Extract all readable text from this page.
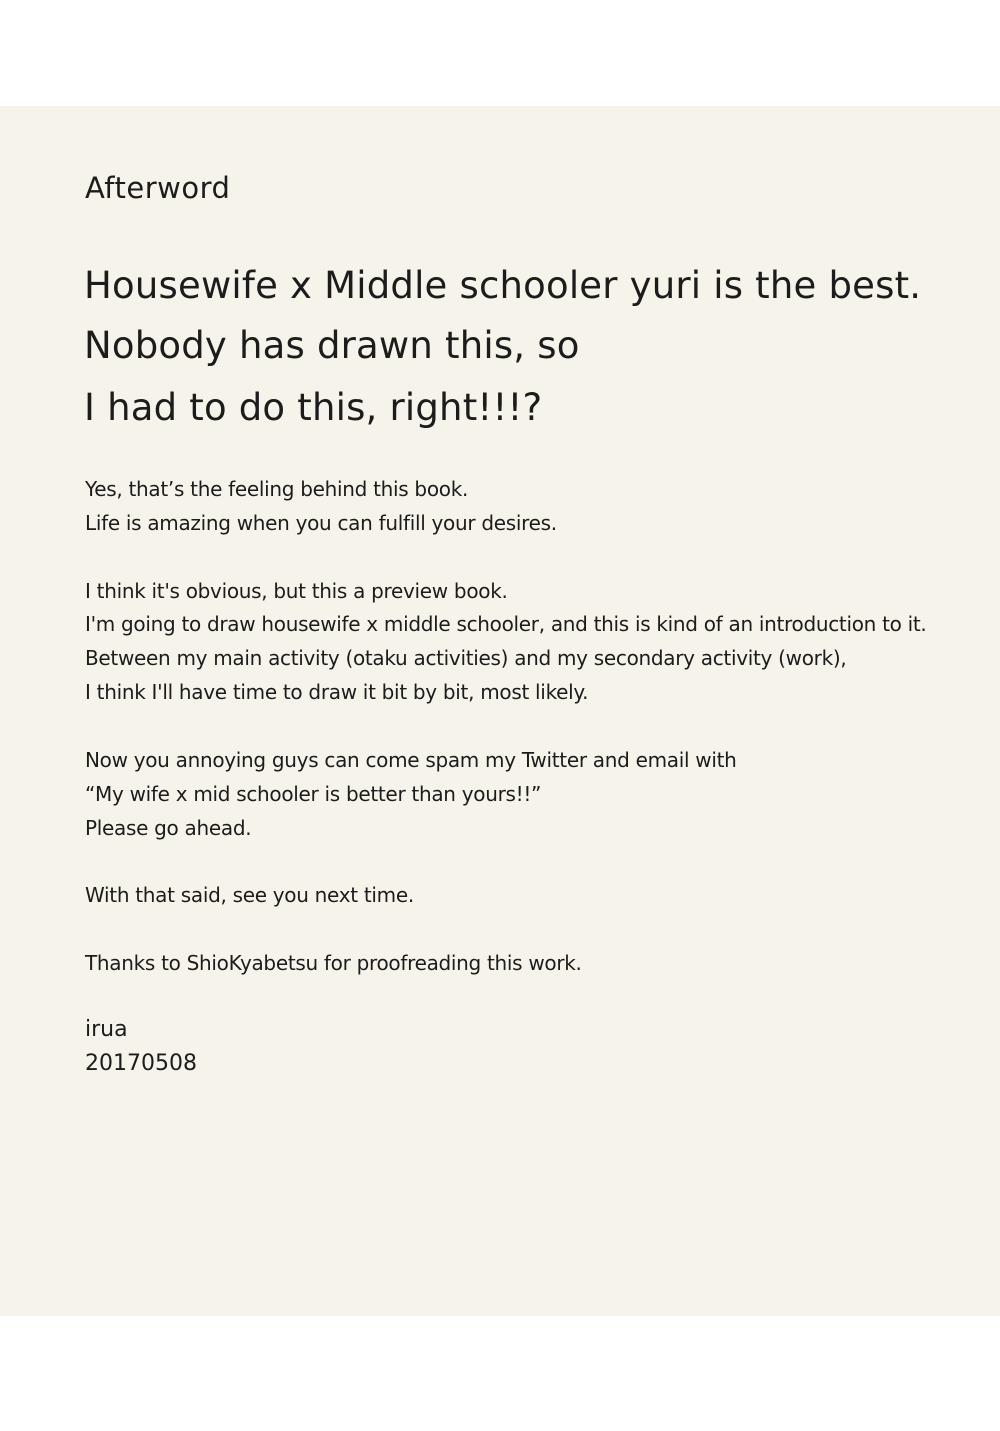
Afterword
Housewife x Middle schooler yuri is the best.
Nobody has drawn this, so
I had to do this, right!!!?
Yes, that’s the feeling behind this book.
Life is amazing when you can fulfill your desires.
I think it's obvious, but this a preview book.
I'm going to draw housewife x middle schooler, and this is kind of an introduction to it.
Between my main activity (otaku activities) and my secondary activity (work),
I think I'll have time to draw it bit by bit, most likely.
Now you annoying guys can come spam my Twitter and email with
“My wife x mid schooler is better than yours!!”
Please go ahead.
With that said, see you next time.
Thanks to ShioKyabetsu for proofreading this work.
irua
20170508
